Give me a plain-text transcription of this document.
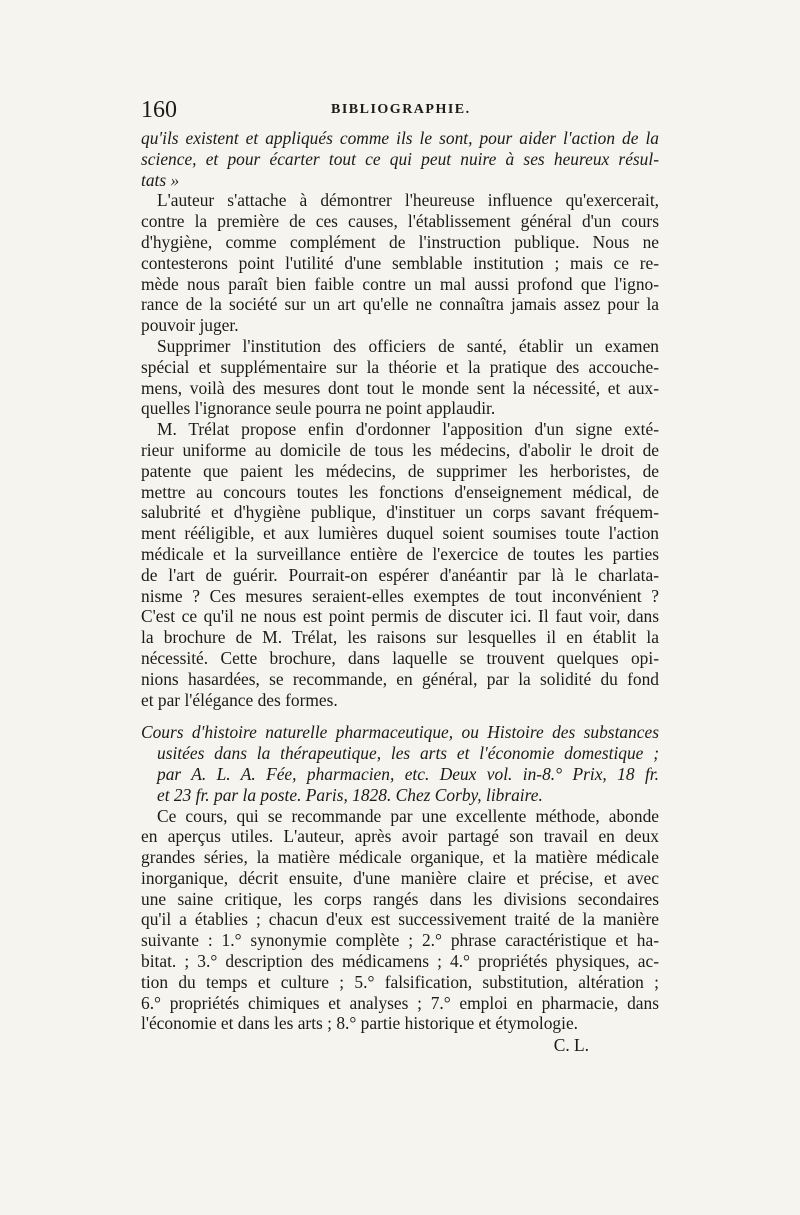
160	BIBLIOGRAPHIE.
qu'ils existent et appliqués comme ils le sont, pour aider l'action de la
science, et pour écarter tout ce qui peut nuire à ses heureux résul-
tats »
L'auteur s'attache à démontrer l'heureuse influence qu'exercerait,
contre la première de ces causes, l'établissement général d'un cours
d'hygiène, comme complément de l'instruction publique. Nous ne
contesterons point l'utilité d'une semblable institution ; mais ce re-
mède nous paraît bien faible contre un mal aussi profond que l'igno-
rance de la société sur un art qu'elle ne connaîtra jamais assez pour la
pouvoir juger.
Supprimer l'institution des officiers de santé, établir un examen
spécial et supplémentaire sur la théorie et la pratique des accouche-
mens, voilà des mesures dont tout le monde sent la nécessité, et aux-
quelles l'ignorance seule pourra ne point applaudir.
M. Trélat propose enfin d'ordonner l'apposition d'un signe exté-
rieur uniforme au domicile de tous les médecins, d'abolir le droit de
patente que paient les médecins, de supprimer les herboristes, de
mettre au concours toutes les fonctions d'enseignement médical, de
salubrité et d'hygiène publique, d'instituer un corps savant fréquem-
ment rééligible, et aux lumières duquel soient soumises toute l'action
médicale et la surveillance entière de l'exercice de toutes les parties
de l'art de guérir. Pourrait-on espérer d'anéantir par là le charlata-
nisme ? Ces mesures seraient-elles exemptes de tout inconvénient ?
C'est ce qu'il ne nous est point permis de discuter ici. Il faut voir, dans
la brochure de M. Trélat, les raisons sur lesquelles il en établit la
nécessité. Cette brochure, dans laquelle se trouvent quelques opi-
nions hasardées, se recommande, en général, par la solidité du fond
et par l'élégance des formes.
Cours d'histoire naturelle pharmaceutique, ou Histoire des substances
usitées dans la thérapeutique, les arts et l'économie domestique ;
par A. L. A. Fée, pharmacien, etc. Deux vol. in-8.° Prix, 18 fr.
et 23 fr. par la poste. Paris, 1828. Chez Corby, libraire.
Ce cours, qui se recommande par une excellente méthode, abonde
en aperçus utiles. L'auteur, après avoir partagé son travail en deux
grandes séries, la matière médicale organique, et la matière médicale
inorganique, décrit ensuite, d'une manière claire et précise, et avec
une saine critique, les corps rangés dans les divisions secondaires
qu'il a établies ; chacun d'eux est successivement traité de la manière
suivante : 1.° synonymie complète ; 2.° phrase caractéristique et ha-
bitat. ; 3.° description des médicamens ; 4.° propriétés physiques, ac-
tion du temps et culture ; 5.° falsification, substitution, altération ;
6.° propriétés chimiques et analyses ; 7.° emploi en pharmacie, dans
l'économie et dans les arts ; 8.° partie historique et étymologie.
C. L.
